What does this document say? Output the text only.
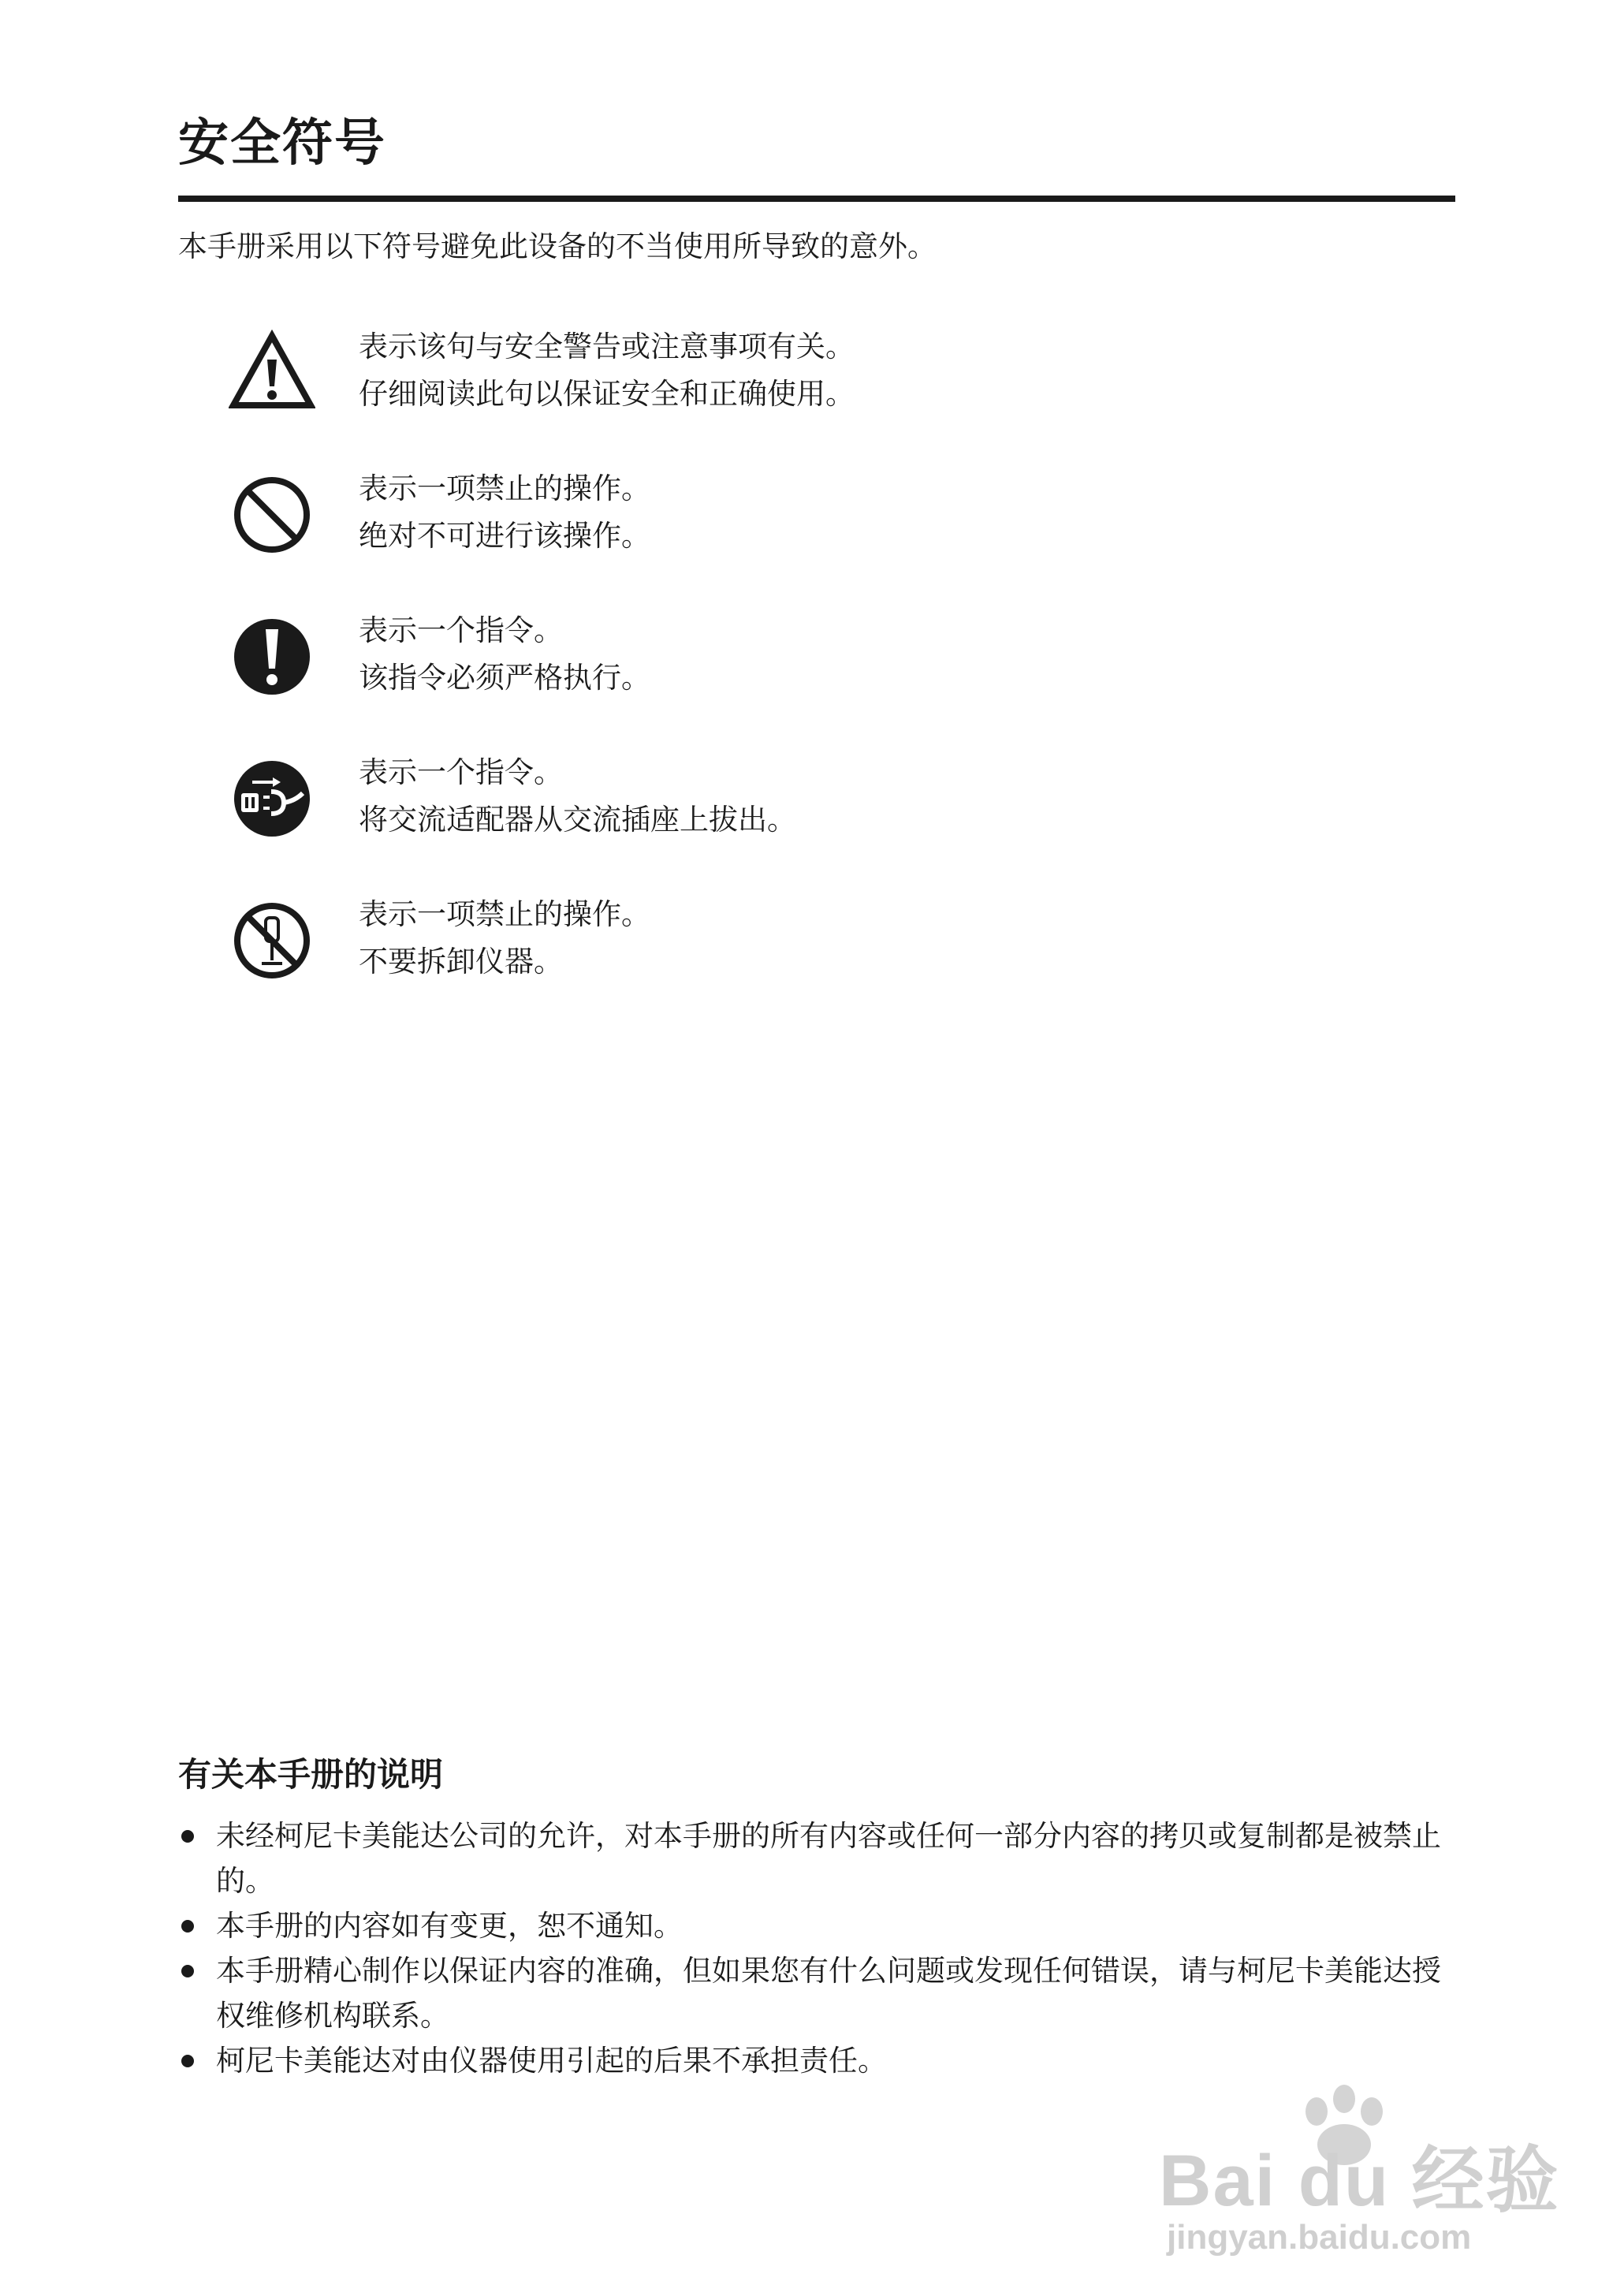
安全符号
本手册采用以下符号避免此设备的不当使用所导致的意外。
表示该句与安全警告或注意事项有关。
仔细阅读此句以保证安全和正确使用。
表示一项禁止的操作。
绝对不可进行该操作。
表示一个指令。
该指令必须严格执行。
表示一个指令。
将交流适配器从交流插座上拔出。
表示一项禁止的操作。
不要拆卸仪器。
有关本手册的说明
未经柯尼卡美能达公司的允许，对本手册的所有内容或任何一部分内容的拷贝或复制都是被禁止的。
本手册的内容如有变更，恕不通知。
本手册精心制作以保证内容的准确，但如果您有什么问题或发现任何错误，请与柯尼卡美能达授权维修机构联系。
柯尼卡美能达对由仪器使用引起的后果不承担责任。
Bai du 经验
jingyan.baidu.com
